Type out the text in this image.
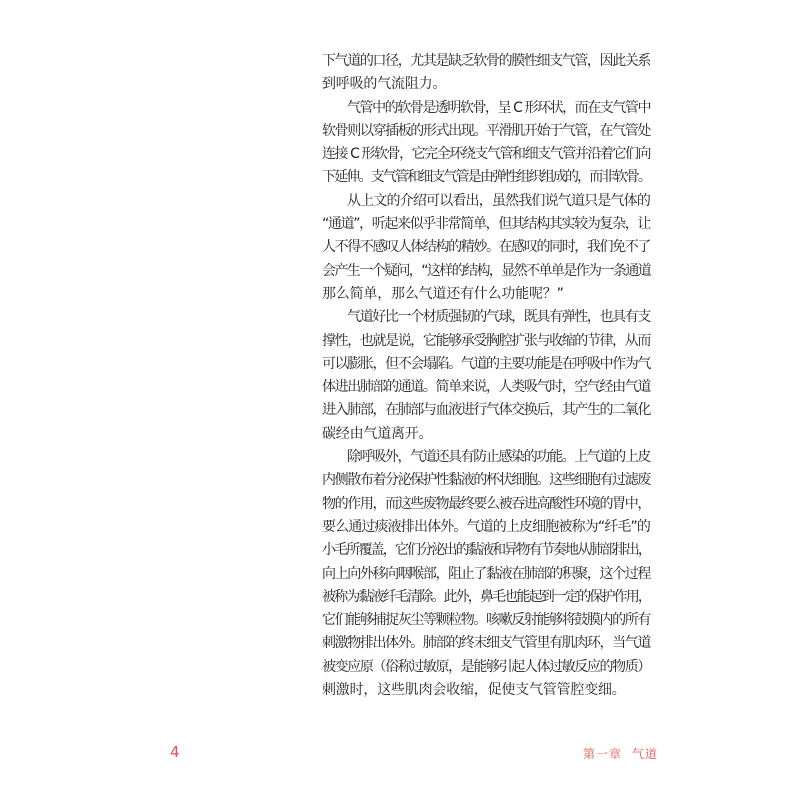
下气道的口径，尤其是缺乏软骨的膜性细支气管，因此关系
到呼吸的气流阻力。
气管中的软骨是透明软骨，呈 C 形环状，而在支气管中
软骨则以穿插板的形式出现。平滑肌开始于气管，在气管处
连接 C 形软骨，它完全环绕支气管和细支气管并沿着它们向
下延伸。支气管和细支气管是由弹性组织组成的，而非软骨。
从上文的介绍可以看出，虽然我们说气道只是气体的
“通道”，听起来似乎非常简单，但其结构其实较为复杂，让
人不得不感叹人体结构的精妙。在感叹的同时，我们免不了
会产生一个疑问，“这样的结构，显然不单单是作为一条通道
那么简单，那么气道还有什么功能呢？”
气道好比一个材质强韧的气球，既具有弹性，也具有支
撑性，也就是说，它能够承受胸腔扩张与收缩的节律，从而
可以膨胀，但不会塌陷。气道的主要功能是在呼吸中作为气
体进出肺部的通道。简单来说，人类吸气时，空气经由气道
进入肺部，在肺部与血液进行气体交换后，其产生的二氧化
碳经由气道离开。
除呼吸外，气道还具有防止感染的功能。上气道的上皮
内侧散布着分泌保护性黏液的杯状细胞。这些细胞有过滤废
物的作用，而这些废物最终要么被吞进高酸性环境的胃中，
要么通过痰液排出体外。气道的上皮细胞被称为“纤毛”的
小毛所覆盖，它们分泌出的黏液和异物有节奏地从肺部排出，
向上向外移向咽喉部，阻止了黏液在肺部的积聚，这个过程
被称为黏液纤毛清除。此外，鼻毛也能起到一定的保护作用，
它们能够捕捉灰尘等颗粒物。咳嗽反射能够将鼓膜内的所有
刺激物排出体外。肺部的终末细支气管里有肌肉环，当气道
被变应原（俗称过敏原，是能够引起人体过敏反应的物质）
刺激时，这些肌肉会收缩，促使支气管管腔变细。
4	第一章 气道
